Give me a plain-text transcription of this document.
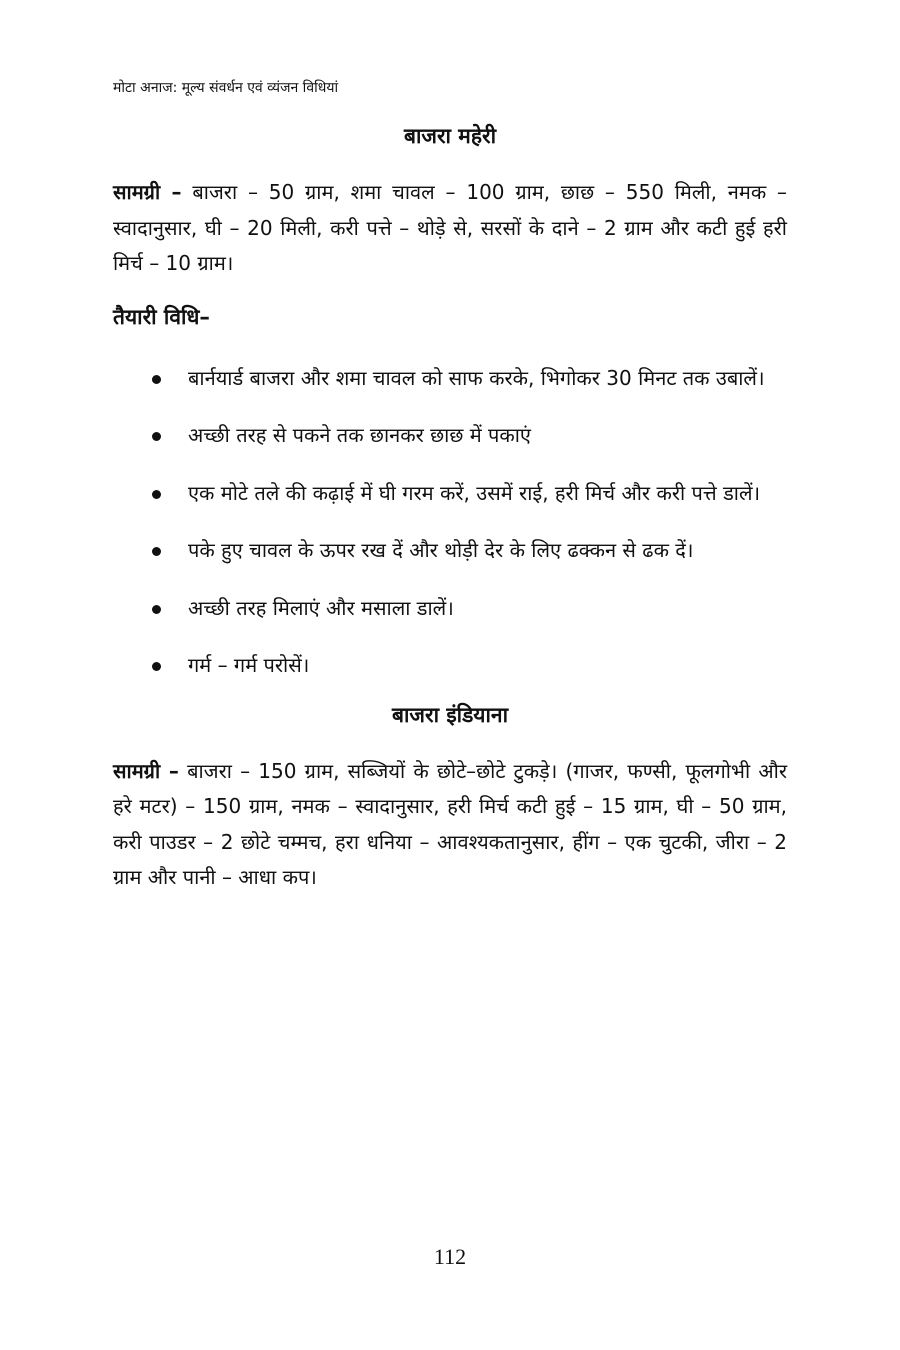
मोटा अनाज: मूल्य संवर्धन एवं व्यंजन विधियां
बाजरा महेरी

सामग्री – बाजरा – 50 ग्राम, शमा चावल – 100 ग्राम, छाछ – 550 मिली, नमक – स्वादानुसार, घी – 20 मिली, करी पत्ते – थोड़े से, सरसों के दाने – 2 ग्राम और कटी हुई हरी मिर्च – 10 ग्राम।

तैयारी विधि–
बार्नयार्ड बाजरा और शमा चावल को साफ करके, भिगोकर 30 मिनट तक उबालें।
अच्छी तरह से पकने तक छानकर छाछ में पकाएं
एक मोटे तले की कढ़ाई में घी गरम करें, उसमें राई, हरी मिर्च और करी पत्ते डालें।
पके हुए चावल के ऊपर रख दें और थोड़ी देर के लिए ढक्कन से ढक दें।
अच्छी तरह मिलाएं और मसाला डालें।
गर्म – गर्म परोसें।
बाजरा इंडियाना

सामग्री – बाजरा – 150 ग्राम, सब्जियों के छोटे–छोटे टुकड़े। (गाजर, फण्सी, फूलगोभी और हरे मटर) – 150 ग्राम, नमक – स्वादानुसार, हरी मिर्च कटी हुई – 15 ग्राम, घी – 50 ग्राम, करी पाउडर – 2 छोटे चम्मच, हरा धनिया – आवश्यकतानुसार, हींग – एक चुटकी, जीरा – 2 ग्राम और पानी – आधा कप।

112
